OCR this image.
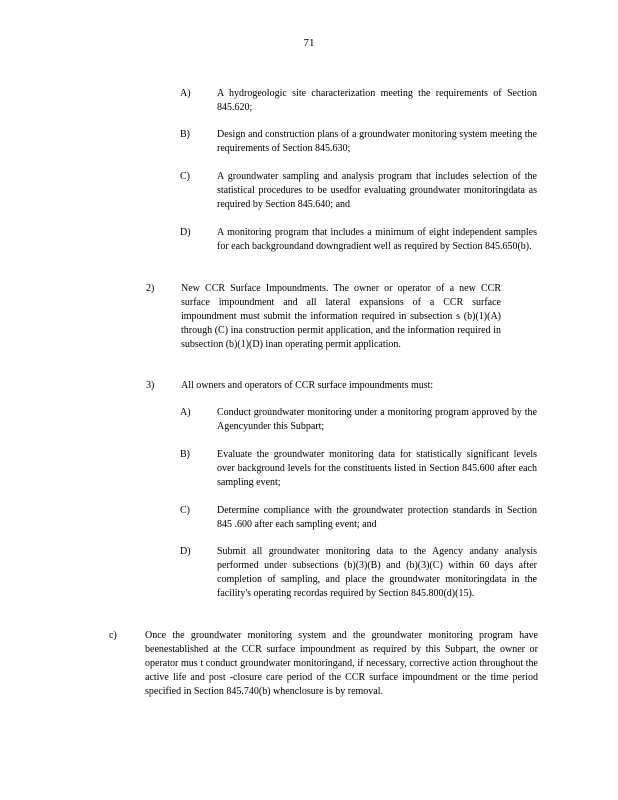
71
A)	A hydrogeologic site characterization meeting the requirements of Section 845.620;
B)	Design and construction plans of a groundwater monitoring system meeting the requirements of Section 845.630;
C)	A groundwater sampling and analysis program that includes selection of the statistical procedures to be usedfor evaluating groundwater monitoringdata as required by Section 845.640; and
D)	A monitoring program that includes a minimum of eight independent samples for each backgroundand downgradient well as required by Section 845.650(b).
2)	New CCR Surface Impoundments. The owner or operator of a new CCR surface impoundment and all lateral expansions of a CCR surface impoundment must submit the information required in subsection s (b)(1)(A) through (C) ina construction permit application, and the information required in subsection (b)(1)(D) inan operating permit application.
3)	All owners and operators of CCR surface impoundments must:
A)	Conduct groundwater monitoring under a monitoring program approved by the Agencyunder this Subpart;
B)	Evaluate the groundwater monitoring data for statistically significant levels over background levels for the constituents listed in Section 845.600 after each sampling event;
C)	Determine compliance with the groundwater protection standards in Section 845 .600 after each sampling event; and
D)	Submit all groundwater monitoring data to the Agency andany analysis performed under subsections (b)(3)(B) and (b)(3)(C) within 60 days after completion of sampling, and place the groundwater monitoringdata in the facility's operating recordas required by Section 845.800(d)(15).
c)	Once the groundwater monitoring system and the groundwater monitoring program have beenestablished at the CCR surface impoundment as required by this Subpart, the owner or operator mus t conduct groundwater monitoringand, if necessary, corrective action throughout the active life and post -closure care period of the CCR surface impoundment or the time period specified in Section 845.740(b) whenclosure is by removal.
